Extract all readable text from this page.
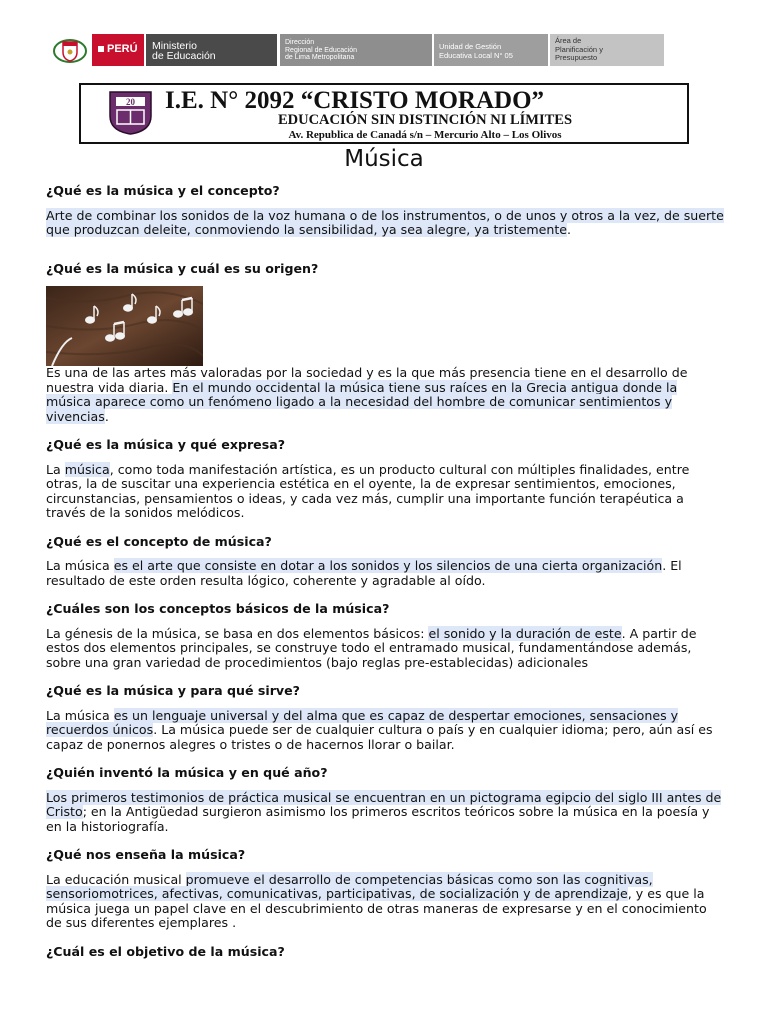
PERÚ	Ministerio
de Educación
Dirección
Regional de Educación
de Lima Metropolitana
Unidad de Gestión
Educativa Local N° 05
Área de
Planificación y
Presupuesto
20 I.E. N° 2092 “CRISTO MORADO”
EDUCACIÓN SIN DISTINCIÓN NI LÍMITES
Av. Republica de Canadá s/n – Mercurio Alto – Los Olivos
Música

¿Qué es la música y el concepto?

Arte de combinar los sonidos de la voz humana o de los instrumentos, o de unos y otros a la vez, de suerte que produzcan deleite, conmoviendo la sensibilidad, ya sea alegre, ya tristemente.

¿Qué es la música y cuál es su origen?

Es una de las artes más valoradas por la sociedad y es la que más presencia tiene en el desarrollo de nuestra vida diaria. En el mundo occidental la música tiene sus raíces en la Grecia antigua donde la música aparece como un fenómeno ligado a la necesidad del hombre de comunicar sentimientos y vivencias.

¿Qué es la música y qué expresa?

La música, como toda manifestación artística, es un producto cultural con múltiples finalidades, entre otras, la de suscitar una experiencia estética en el oyente, la de expresar sentimientos, emociones, circunstancias, pensamientos o ideas, y cada vez más, cumplir una importante función terapéutica a través de la sonidos melódicos.

¿Qué es el concepto de música?

La música es el arte que consiste en dotar a los sonidos y los silencios de una cierta organización. El resultado de este orden resulta lógico, coherente y agradable al oído.

¿Cuáles son los conceptos básicos de la música?

La génesis de la música, se basa en dos elementos básicos: el sonido y la duración de este. A partir de estos dos elementos principales, se construye todo el entramado musical, fundamentándose además, sobre una gran variedad de procedimientos (bajo reglas pre-establecidas) adicionales

¿Qué es la música y para qué sirve?

La música es un lenguaje universal y del alma que es capaz de despertar emociones, sensaciones y recuerdos únicos. La música puede ser de cualquier cultura o país y en cualquier idioma; pero, aún así es capaz de ponernos alegres o tristes o de hacernos llorar o bailar.

¿Quién inventó la música y en qué año?

Los primeros testimonios de práctica musical se encuentran en un pictograma egipcio del siglo III antes de Cristo; en la Antigüedad surgieron asimismo los primeros escritos teóricos sobre la música en la poesía y en la historiografía.

¿Qué nos enseña la música?

La educación musical promueve el desarrollo de competencias básicas como son las cognitivas, sensoriomotrices, afectivas, comunicativas, participativas, de socialización y de aprendizaje, y es que la música juega un papel clave en el descubrimiento de otras maneras de expresarse y en el conocimiento de sus diferentes ejemplares .

¿Cuál es el objetivo de la música?
